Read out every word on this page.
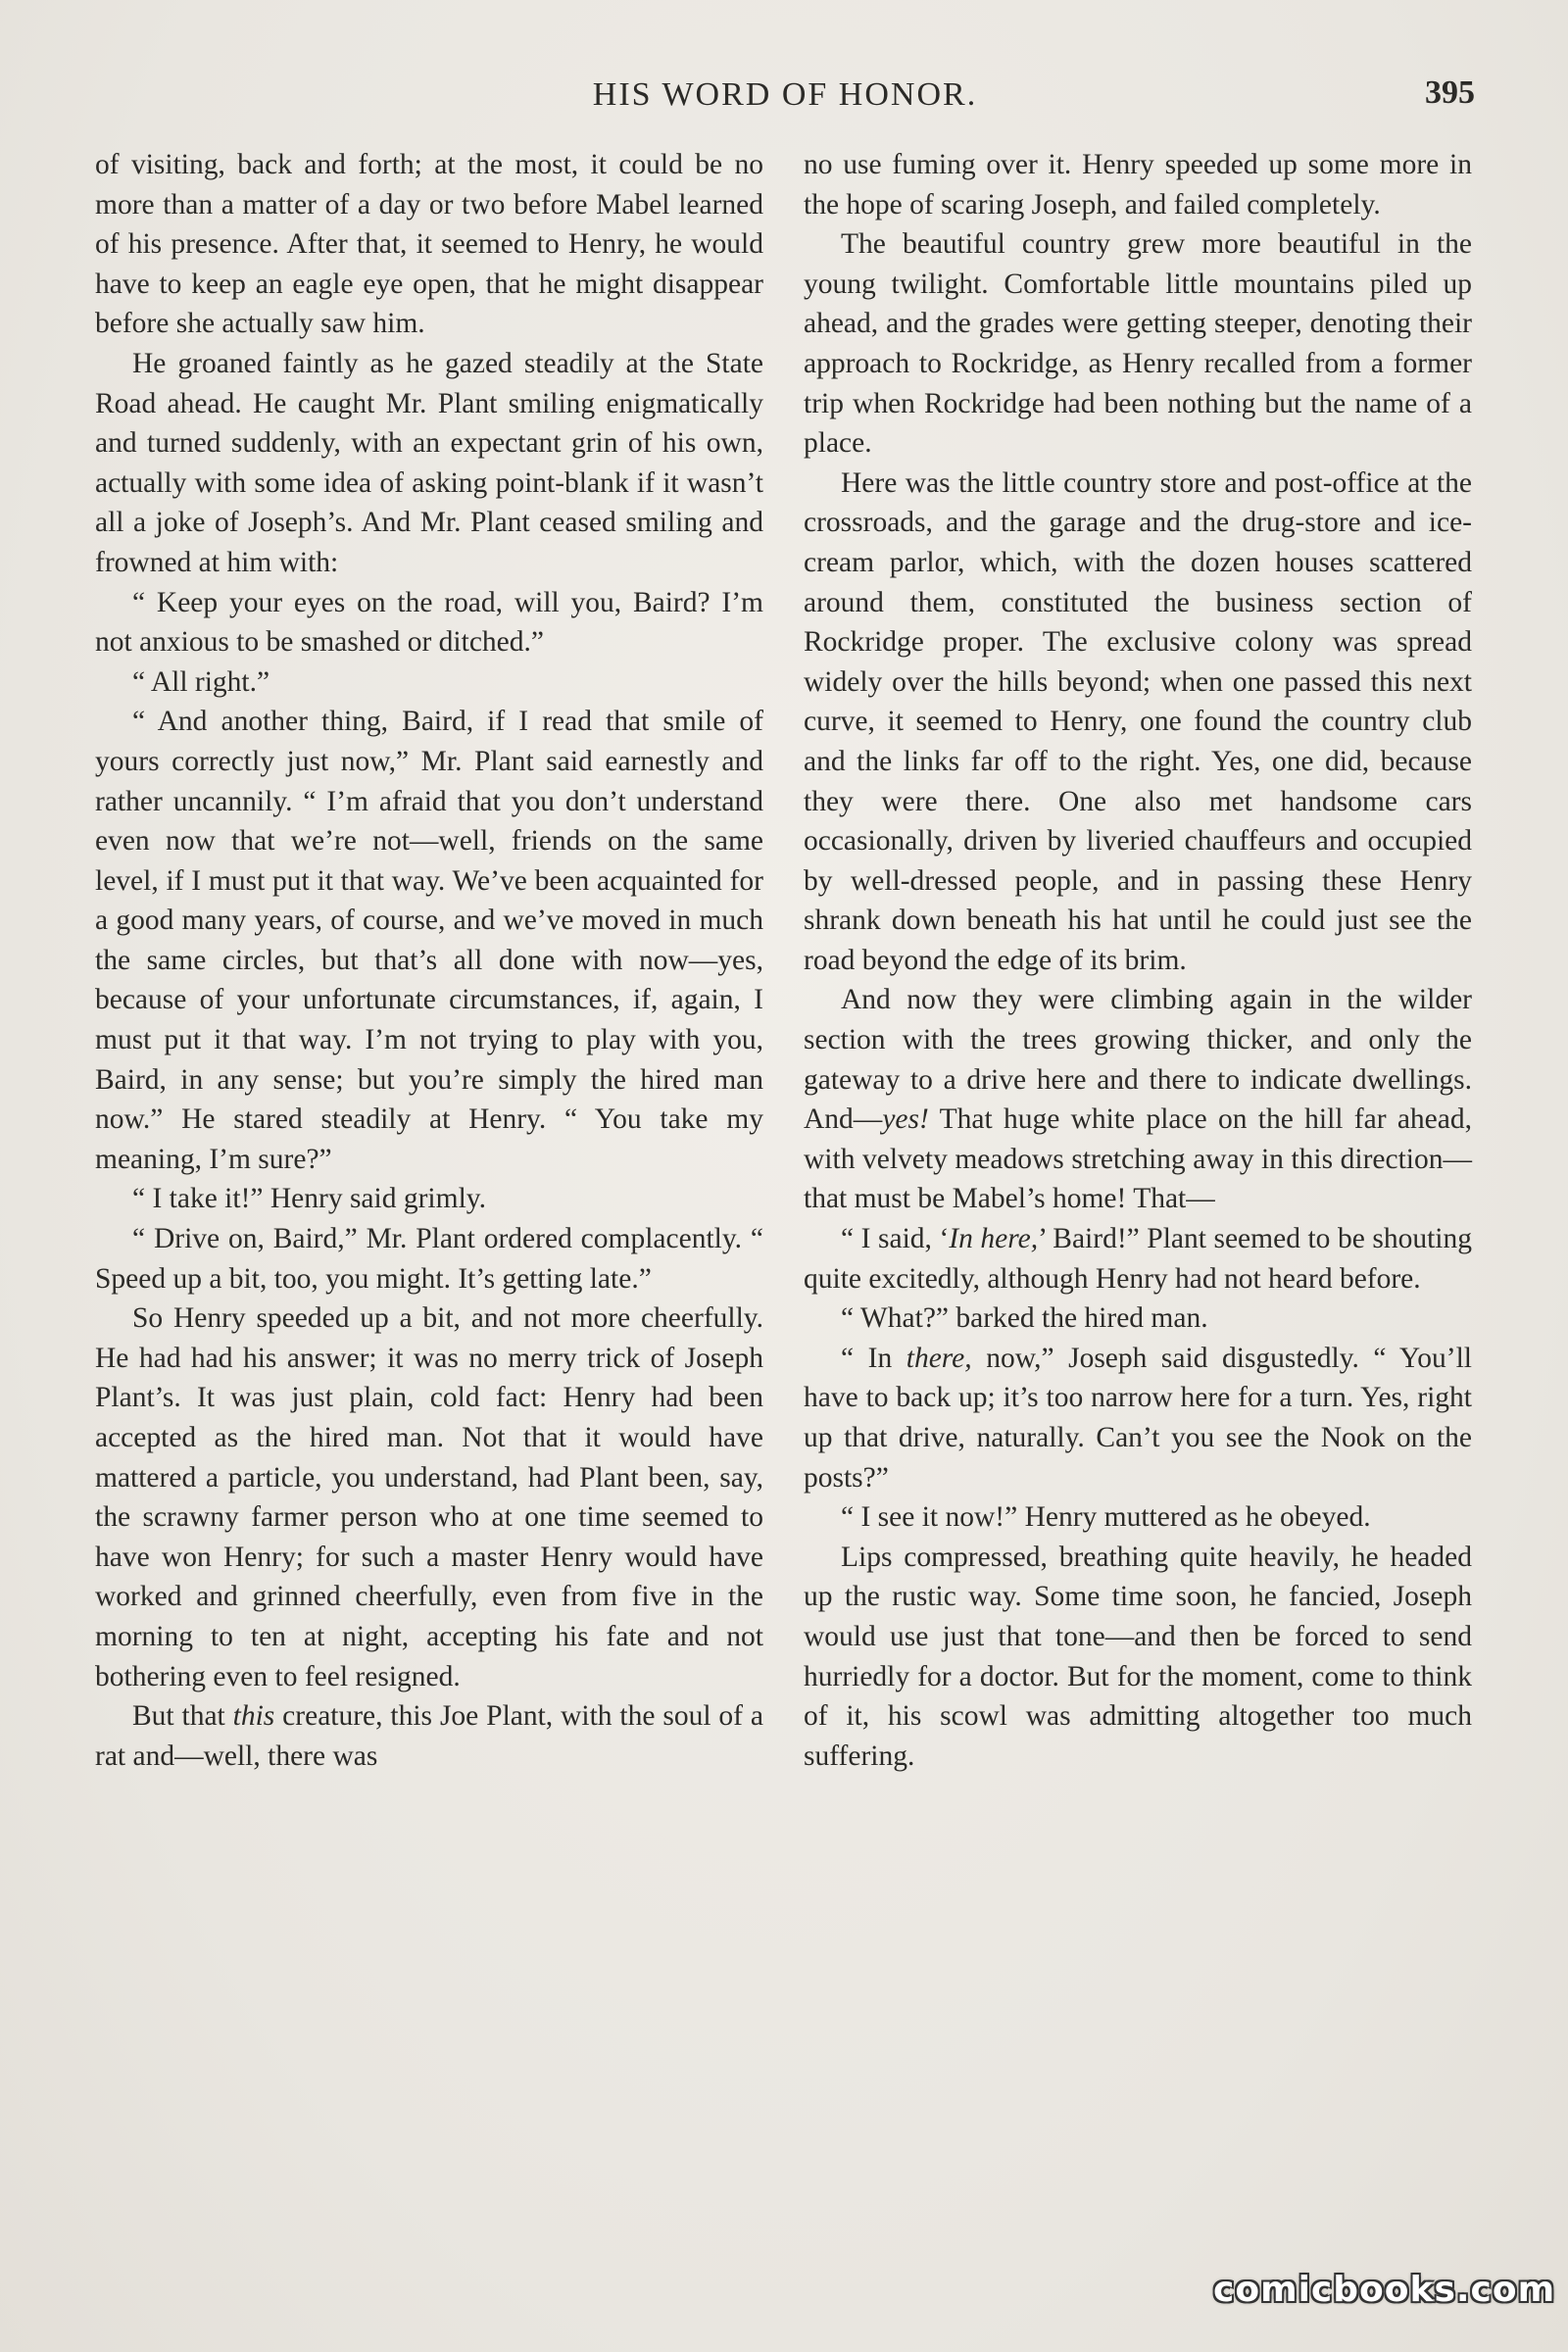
HIS WORD OF HONOR.	395

of visiting, back and forth; at the most, it could be no more than a matter of a day or two before Mabel learned of his presence. After that, it seemed to Henry, he would have to keep an eagle eye open, that he might disappear before she actually saw him.

He groaned faintly as he gazed steadily at the State Road ahead. He caught Mr. Plant smiling enigmatically and turned suddenly, with an expectant grin of his own, actually with some idea of asking point-blank if it wasn’t all a joke of Joseph’s. And Mr. Plant ceased smiling and frowned at him with:

“ Keep your eyes on the road, will you, Baird? I’m not anxious to be smashed or ditched.”

“ All right.”

“ And another thing, Baird, if I read that smile of yours correctly just now,” Mr. Plant said earnestly and rather uncannily. “ I’m afraid that you don’t understand even now that we’re not—well, friends on the same level, if I must put it that way. We’ve been acquainted for a good many years, of course, and we’ve moved in much the same circles, but that’s all done with now—yes, because of your unfortunate circumstances, if, again, I must put it that way. I’m not trying to play with you, Baird, in any sense; but you’re simply the hired man now.” He stared steadily at Henry. “ You take my meaning, I’m sure?”

“ I take it!” Henry said grimly.

“ Drive on, Baird,” Mr. Plant ordered complacently. “ Speed up a bit, too, you might. It’s getting late.”

So Henry speeded up a bit, and not more cheerfully. He had had his answer; it was no merry trick of Joseph Plant’s. It was just plain, cold fact: Henry had been accepted as the hired man. Not that it would have mattered a particle, you understand, had Plant been, say, the scrawny farmer person who at one time seemed to have won Henry; for such a master Henry would have worked and grinned cheerfully, even from five in the morning to ten at night, accepting his fate and not bothering even to feel resigned.

But that this creature, this Joe Plant, with the soul of a rat and—well, there was

no use fuming over it. Henry speeded up some more in the hope of scaring Joseph, and failed completely.

The beautiful country grew more beautiful in the young twilight. Comfortable little mountains piled up ahead, and the grades were getting steeper, denoting their approach to Rockridge, as Henry recalled from a former trip when Rockridge had been nothing but the name of a place.

Here was the little country store and post-office at the crossroads, and the garage and the drug-store and ice-cream parlor, which, with the dozen houses scattered around them, constituted the business section of Rockridge proper. The exclusive colony was spread widely over the hills beyond; when one passed this next curve, it seemed to Henry, one found the country club and the links far off to the right. Yes, one did, because they were there. One also met handsome cars occasionally, driven by liveried chauffeurs and occupied by well-dressed people, and in passing these Henry shrank down beneath his hat until he could just see the road beyond the edge of its brim.

And now they were climbing again in the wilder section with the trees growing thicker, and only the gateway to a drive here and there to indicate dwellings. And—yes! That huge white place on the hill far ahead, with velvety meadows stretching away in this direction—that must be Mabel’s home! That—

“ I said, ‘In here,’ Baird!” Plant seemed to be shouting quite excitedly, although Henry had not heard before.

“ What?” barked the hired man.

“ In there, now,” Joseph said disgustedly. “ You’ll have to back up; it’s too narrow here for a turn. Yes, right up that drive, naturally. Can’t you see the Nook on the posts?”

“ I see it now!” Henry muttered as he obeyed.

Lips compressed, breathing quite heavily, he headed up the rustic way. Some time soon, he fancied, Joseph would use just that tone—and then be forced to send hurriedly for a doctor. But for the moment, come to think of it, his scowl was admitting altogether too much suffering.

comicbooks.com
